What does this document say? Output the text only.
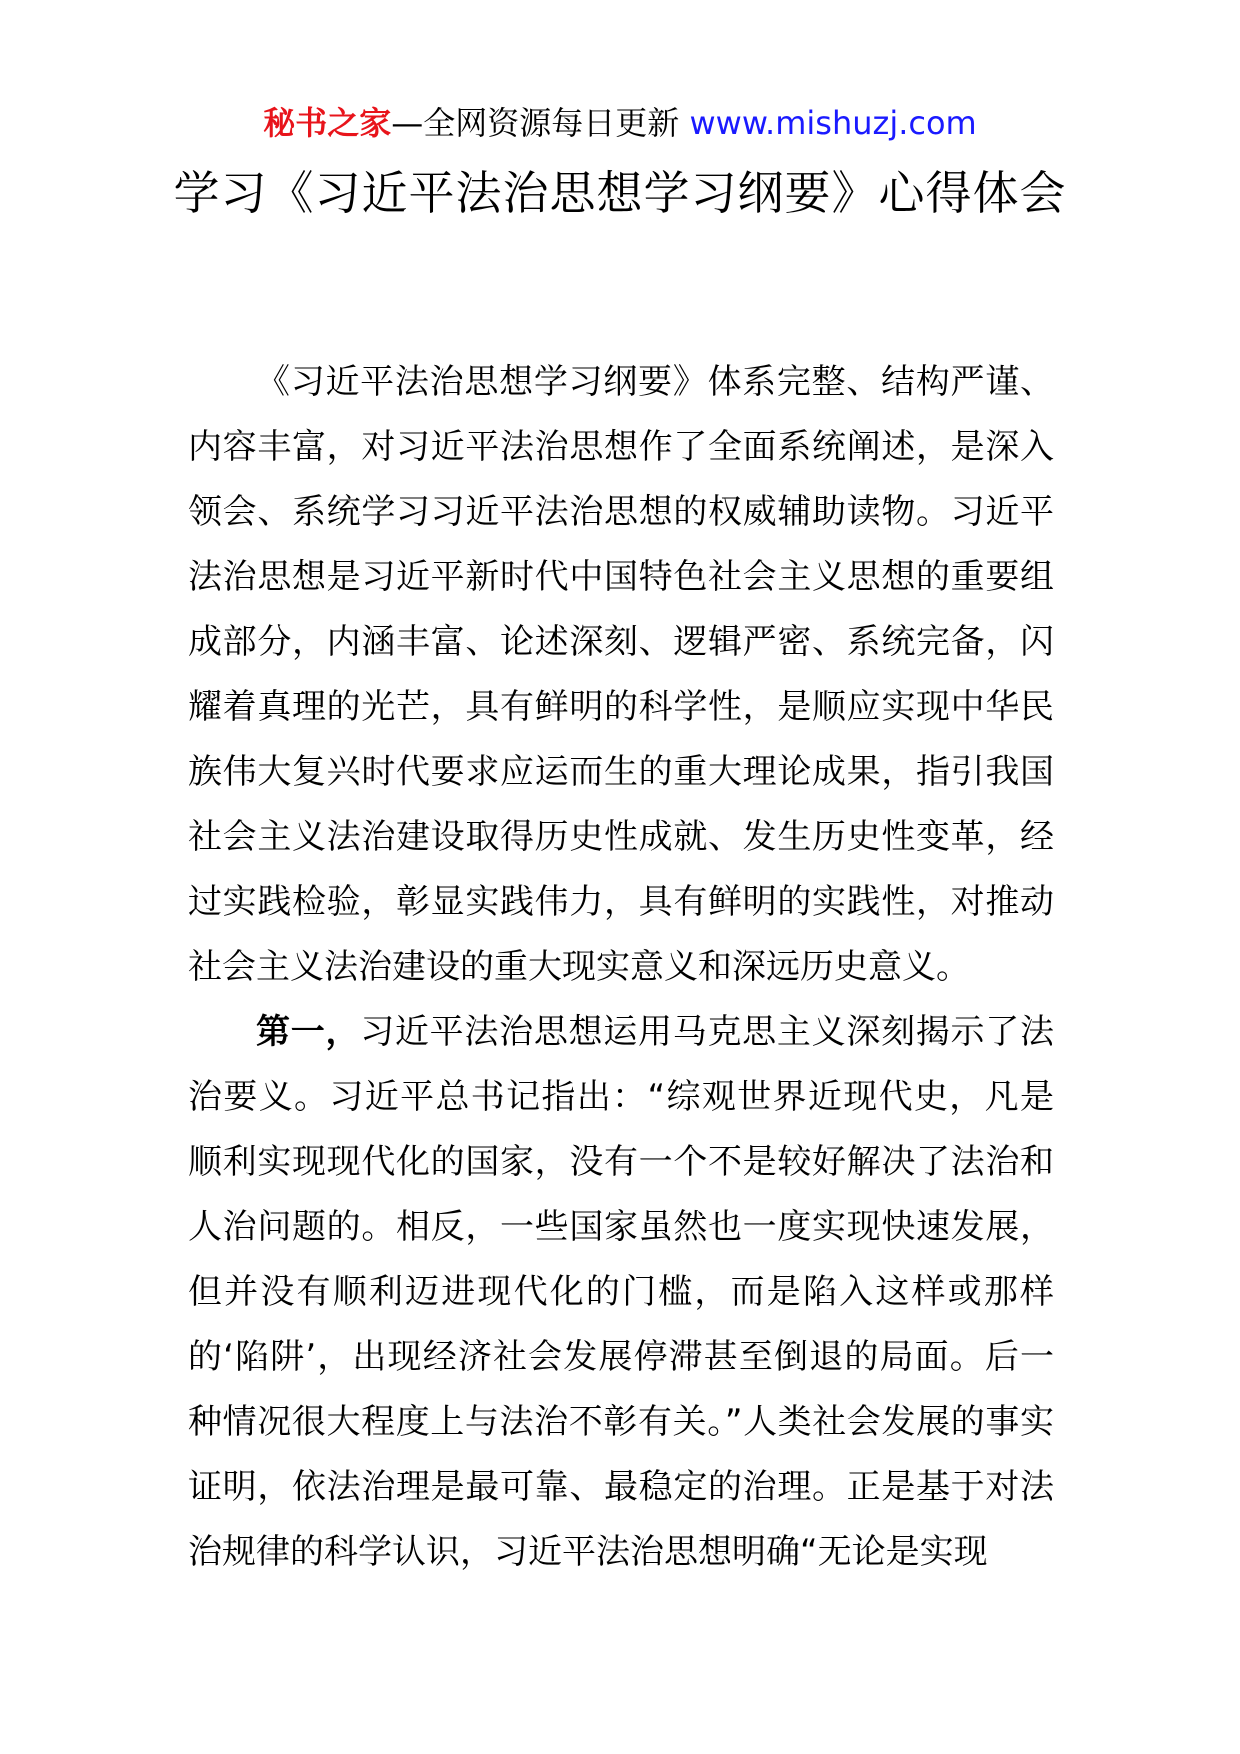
秘书之家—全网资源每日更新 www.mishuzj.com
学习《习近平法治思想学习纲要》心得体会

《习近平法治思想学习纲要》体系完整、结构严谨、内容丰富，对习近平法治思想作了全面系统阐述，是深入领会、系统学习习近平法治思想的权威辅助读物。习近平法治思想是习近平新时代中国特色社会主义思想的重要组成部分，内涵丰富、论述深刻、逻辑严密、系统完备，闪耀着真理的光芒，具有鲜明的科学性，是顺应实现中华民族伟大复兴时代要求应运而生的重大理论成果，指引我国社会主义法治建设取得历史性成就、发生历史性变革，经过实践检验，彰显实践伟力，具有鲜明的实践性，对推动社会主义法治建设的重大现实意义和深远历史意义。

第一，习近平法治思想运用马克思主义深刻揭示了法治要义。习近平总书记指出：“综观世界近现代史，凡是顺利实现现代化的国家，没有一个不是较好解决了法治和人治问题的。相反，一些国家虽然也一度实现快速发展，但并没有顺利迈进现代化的门槛，而是陷入这样或那样的‘陷阱’，出现经济社会发展停滞甚至倒退的局面。后一种情况很大程度上与法治不彰有关。”人类社会发展的事实证明，依法治理是最可靠、最稳定的治理。正是基于对法治规律的科学认识，习近平法治思想明确“无论是实现
